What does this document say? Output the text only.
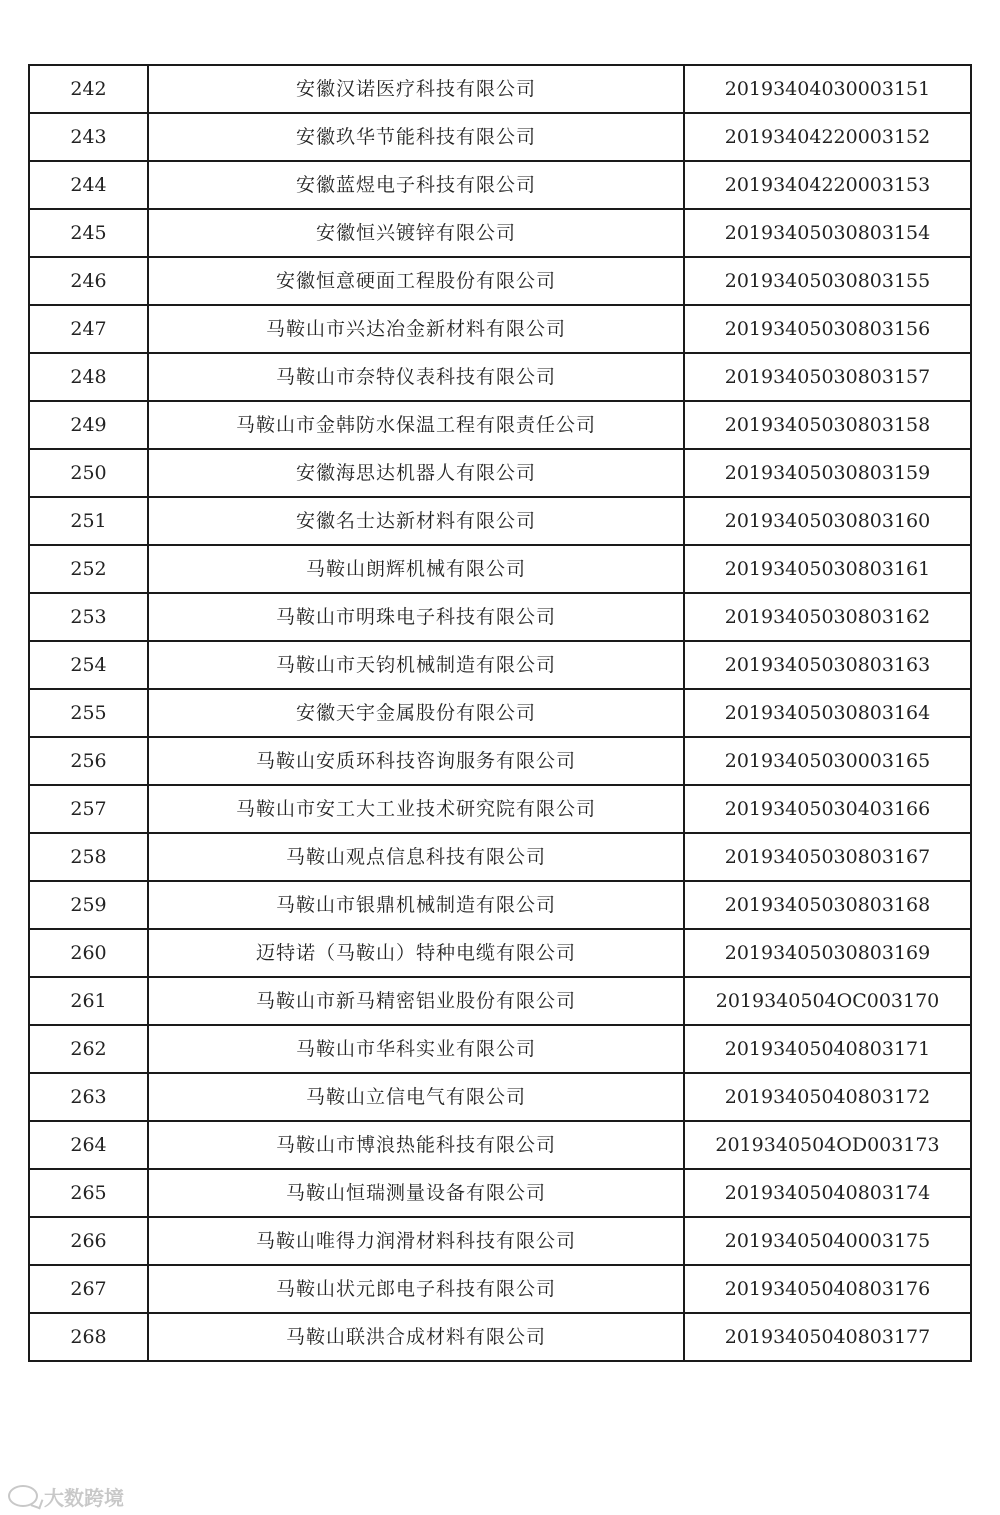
242	安徽汉诺医疗科技有限公司	20193404030003151
243	安徽玖华节能科技有限公司	20193404220003152
244	安徽蓝煜电子科技有限公司	20193404220003153
245	安徽恒兴镀锌有限公司	20193405030803154
246	安徽恒意硬面工程股份有限公司	20193405030803155
247	马鞍山市兴达冶金新材料有限公司	20193405030803156
248	马鞍山市奈特仪表科技有限公司	20193405030803157
249	马鞍山市金韩防水保温工程有限责任公司	20193405030803158
250	安徽海思达机器人有限公司	20193405030803159
251	安徽名士达新材料有限公司	20193405030803160
252	马鞍山朗辉机械有限公司	20193405030803161
253	马鞍山市明珠电子科技有限公司	20193405030803162
254	马鞍山市天钧机械制造有限公司	20193405030803163
255	安徽天宇金属股份有限公司	20193405030803164
256	马鞍山安质环科技咨询服务有限公司	20193405030003165
257	马鞍山市安工大工业技术研究院有限公司	20193405030403166
258	马鞍山观点信息科技有限公司	20193405030803167
259	马鞍山市银鼎机械制造有限公司	20193405030803168
260	迈特诺（马鞍山）特种电缆有限公司	20193405030803169
261	马鞍山市新马精密铝业股份有限公司	2019340504OC003170
262	马鞍山市华科实业有限公司	20193405040803171
263	马鞍山立信电气有限公司	20193405040803172
264	马鞍山市博浪热能科技有限公司	2019340504OD003173
265	马鞍山恒瑞测量设备有限公司	20193405040803174
266	马鞍山唯得力润滑材料科技有限公司	20193405040003175
267	马鞍山状元郎电子科技有限公司	20193405040803176
268	马鞍山联洪合成材料有限公司	20193405040803177
大数跨境
